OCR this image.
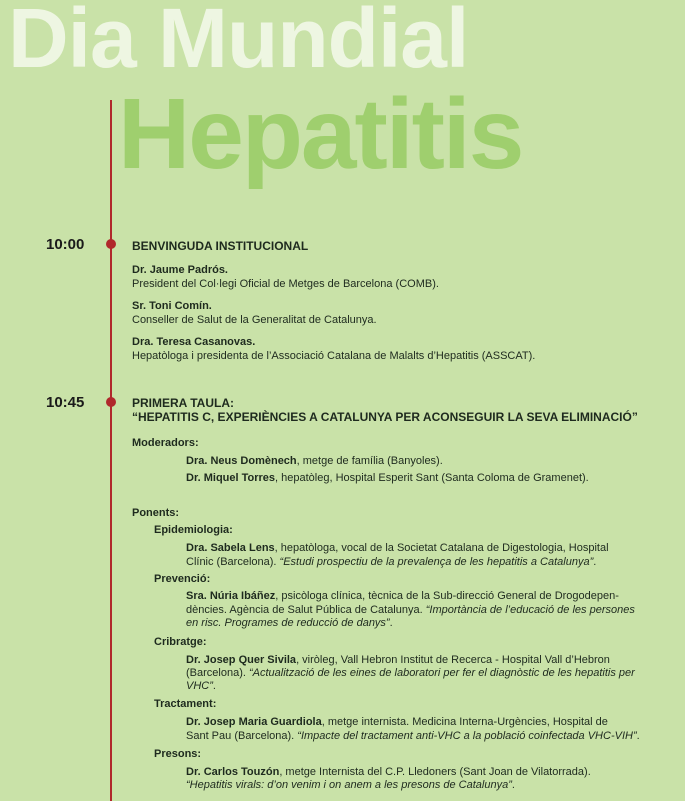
Dia Mundial
Hepatitis
10:00	BENVINGUDA INSTITUCIONAL
Dr. Jaume Padrós.
President del Col·legi Oficial de Metges de Barcelona (COMB).
Sr. Toni Comín.
Conseller de Salut de la Generalitat de Catalunya.
Dra. Teresa Casanovas.
Hepatòloga i presidenta de l’Associació Catalana de Malalts d’Hepatitis (ASSCAT).
10:45	PRIMERA TAULA:
“HEPATITIS C, EXPERIÈNCIES A CATALUNYA PER ACONSEGUIR LA SEVA ELIMINACIÓ”
Moderadors:
Dra. Neus Domènech, metge de família (Banyoles).
Dr. Miquel Torres, hepatòleg, Hospital Esperit Sant (Santa Coloma de Gramenet).
Ponents:
Epidemiologia:
Dra. Sabela Lens, hepatòloga, vocal de la Societat Catalana de Digestologia, Hospital
Clínic (Barcelona). “Estudi prospectiu de la prevalença de les hepatitis a Catalunya”.
Prevenció:
Sra. Núria Ibáñez, psicòloga clínica, tècnica de la Sub-direcció General de Drogodepen-
dències. Agència de Salut Pública de Catalunya. “Importància de l’educació de les persones
en risc. Programes de reducció de danys”.
Cribratge:
Dr. Josep Quer Sivila, viròleg, Vall Hebron Institut de Recerca - Hospital Vall d’Hebron
(Barcelona). “Actualització de les eines de laboratori per fer el diagnòstic de les hepatitis per
VHC”.
Tractament:
Dr. Josep Maria Guardiola, metge internista. Medicina Interna-Urgències, Hospital de
Sant Pau (Barcelona). “Impacte del tractament anti-VHC a la població coinfectada VHC-VIH”.
Presons:
Dr. Carlos Touzón, metge Internista del C.P. Lledoners (Sant Joan de Vilatorrada).
“Hepatitis virals: d’on venim i on anem a les presons de Catalunya”.
